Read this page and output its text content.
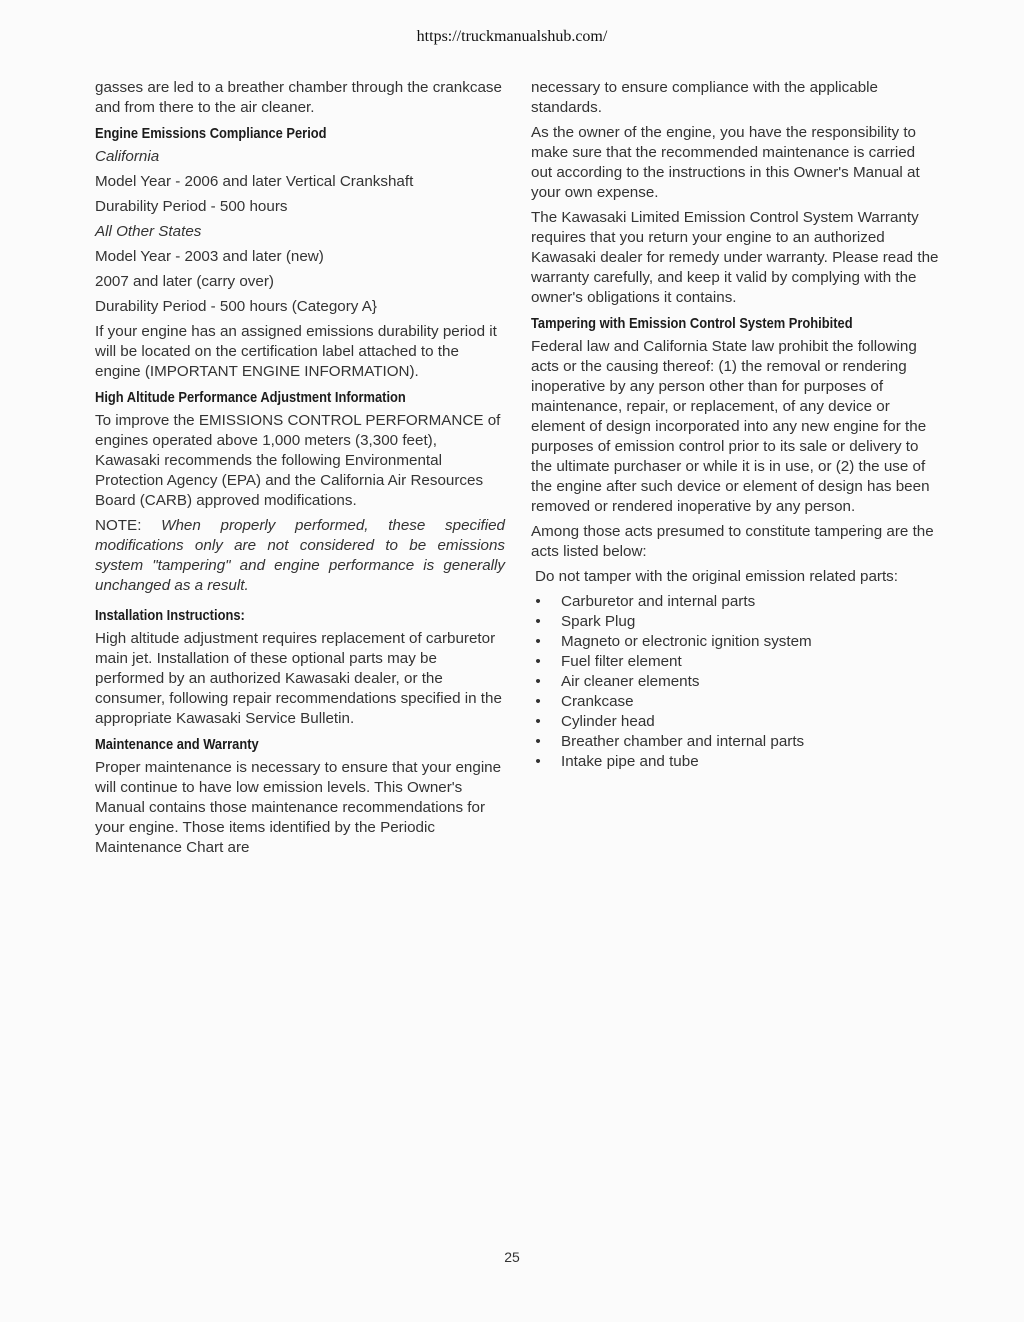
https://truckmanualshub.com/

gasses are led to a breather chamber through the crankcase and from there to the air cleaner.

Engine Emissions Compliance Period

California

Model Year - 2006 and later Vertical Crankshaft

Durability Period - 500 hours

All Other States

Model Year - 2003 and later (new)

2007 and later (carry over)

Durability Period - 500 hours (Category A}

If your engine has an assigned emissions durability period it will be located on the certification label attached to the engine (IMPORTANT ENGINE INFORMATION).

High Altitude Performance Adjustment Information

To improve the EMISSIONS CONTROL PERFORMANCE of engines operated above 1,000 meters (3,300 feet), Kawasaki recommends the following Environmental Protection Agency (EPA) and the California Air Resources Board (CARB) approved modifications.

NOTE: When properly performed, these specified modifications only are not considered to be emissions system "tampering" and engine performance is generally unchanged as a result.

Installation Instructions:

High altitude adjustment requires replacement of carburetor main jet. Installation of these optional parts may be performed by an authorized Kawasaki dealer, or the consumer, following repair recommendations specified in the appropriate Kawasaki Service Bulletin.

Maintenance and Warranty

Proper maintenance is necessary to ensure that your engine will continue to have low emission levels. This Owner's Manual contains those maintenance recommendations for your engine. Those items identified by the Periodic Maintenance Chart are

necessary to ensure compliance with the applicable standards.

As the owner of the engine, you have the responsibility to make sure that the recommended maintenance is carried out according to the instructions in this Owner's Manual at your own expense.

The Kawasaki Limited Emission Control System Warranty requires that you return your engine to an authorized Kawasaki dealer for remedy under warranty. Please read the warranty carefully, and keep it valid by complying with the owner's obligations it contains.

Tampering with Emission Control System Prohibited

Federal law and California State law prohibit the following acts or the causing thereof: (1) the removal or rendering inoperative by any person other than for purposes of maintenance, repair, or replacement, of any device or element of design incorporated into any new engine for the purposes of emission control prior to its sale or delivery to the ultimate purchaser or while it is in use, or (2) the use of the engine after such device or element of design has been removed or rendered inoperative by any person.

Among those acts presumed to constitute tampering are the acts listed below:

Do not tamper with the original emission related parts:

• Carburetor and internal parts
• Spark Plug
• Magneto or electronic ignition system
• Fuel filter element
• Air cleaner elements
• Crankcase
• Cylinder head
• Breather chamber and internal parts
• Intake pipe and tube
25
